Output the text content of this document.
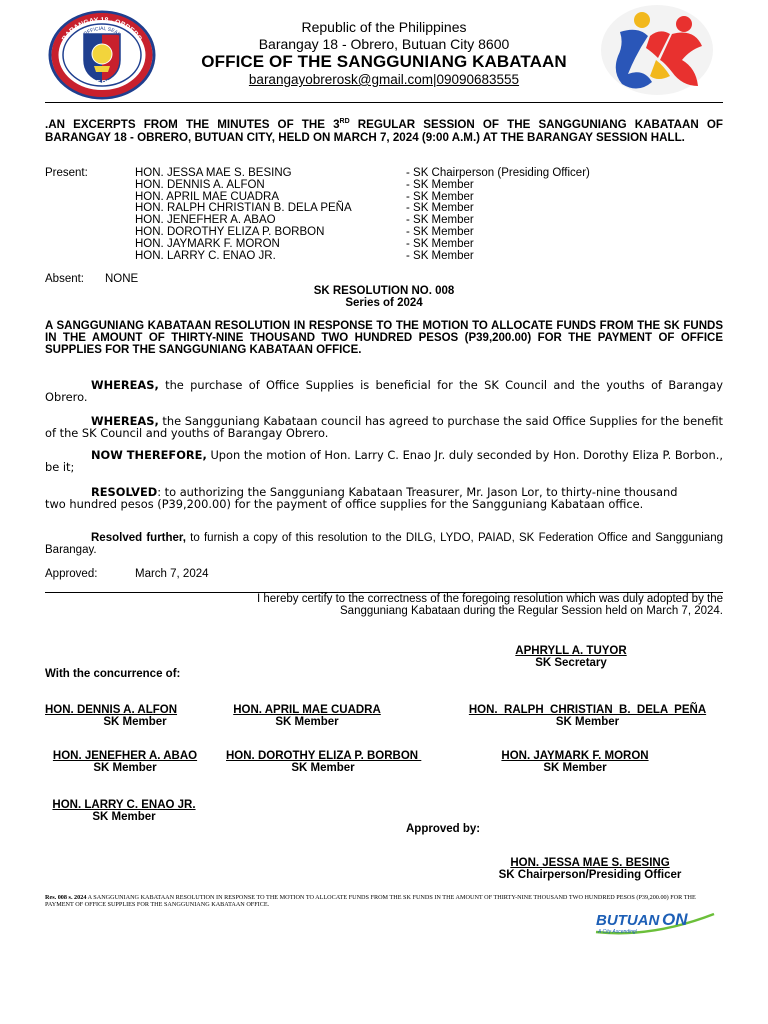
BARANGAY 18 - OBRERO
CITY OF BUTUAN
OFFICIAL SEAL	Republic of the Philippines
Barangay 18 - Obrero, Butuan City 8600
OFFICE OF THE SANGGUNIANG KABATAAN
barangayobrerosk@gmail.com|09090683555
.AN EXCERPTS FROM THE MINUTES OF THE 3RD REGULAR SESSION OF THE SANGGUNIANG KABATAAN OF BARANGAY 18 - OBRERO, BUTUAN CITY, HELD ON MARCH 7, 2024 (9:00 A.M.) AT THE BARANGAY SESSION HALL.
Present:	HON. JESSA MAE S. BESING	- SK Chairperson (Presiding Officer)
	HON. DENNIS A. ALFON	- SK Member
	HON. APRIL MAE CUADRA	- SK Member
	HON. RALPH CHRISTIAN B. DELA PEÑA	- SK Member
	HON. JENEFHER A. ABAO	- SK Member
	HON. DOROTHY ELIZA P. BORBON	- SK Member
	HON. JAYMARK F. MORON	- SK Member
	HON. LARRY C. ENAO JR.	- SK Member
Absent: NONE
SK RESOLUTION NO. 008
Series of 2024
A SANGGUNIANG KABATAAN RESOLUTION IN RESPONSE TO THE MOTION TO ALLOCATE FUNDS FROM THE SK FUNDS IN THE AMOUNT OF THIRTY-NINE THOUSAND TWO HUNDRED PESOS (P39,200.00) FOR THE PAYMENT OF OFFICE SUPPLIES FOR THE SANGGUNIANG KABATAAN OFFICE.
WHEREAS, the purchase of Office Supplies is beneficial for the SK Council and the youths of Barangay Obrero.
WHEREAS, the Sangguniang Kabataan council has agreed to purchase the said Office Supplies for the benefit of the SK Council and youths of Barangay Obrero.
NOW THEREFORE, Upon the motion of Hon. Larry C. Enao Jr. duly seconded by Hon. Dorothy Eliza P. Borbon., be it;
RESOLVED: to authorizing the Sangguniang Kabataan Treasurer, Mr. Jason Lor, to thirty-nine thousand two hundred pesos (P39,200.00) for the payment of office supplies for the Sangguniang Kabataan office.
Resolved further, to furnish a copy of this resolution to the DILG, LYDO, PAIAD, SK Federation Office and Sangguniang Barangay.
Approved:	March 7, 2024
I hereby certify to the correctness of the foregoing resolution which was duly adopted by the Sangguniang Kabataan during the Regular Session held on March 7, 2024.
APHRYLL A. TUYOR
SK Secretary
With the concurrence of:
HON. DENNIS A. ALFON
SK Member
HON. APRIL MAE CUADRA
SK Member
HON.  RALPH  CHRISTIAN  B.  DELA  PEÑA
SK Member
HON. JENEFHER A. ABAO
SK Member
HON. DOROTHY ELIZA P. BORBON
SK Member
HON. JAYMARK F. MORON
SK Member
HON. LARRY C. ENAO JR.
SK Member
Approved by:
HON. JESSA MAE S. BESING
SK Chairperson/Presiding Officer
Res. 008 s. 2024 A SANGGUNIANG KABATAAN RESOLUTION IN RESPONSE TO THE MOTION TO ALLOCATE FUNDS FROM THE SK FUNDS IN THE AMOUNT OF THIRTY-NINE THOUSAND TWO HUNDRED PESOS (P39,200.00) FOR THE PAYMENT OF OFFICE SUPPLIES FOR THE SANGGUNIANG KABATAAN OFFICE.
BUTUAN ON
A City Ascending!
